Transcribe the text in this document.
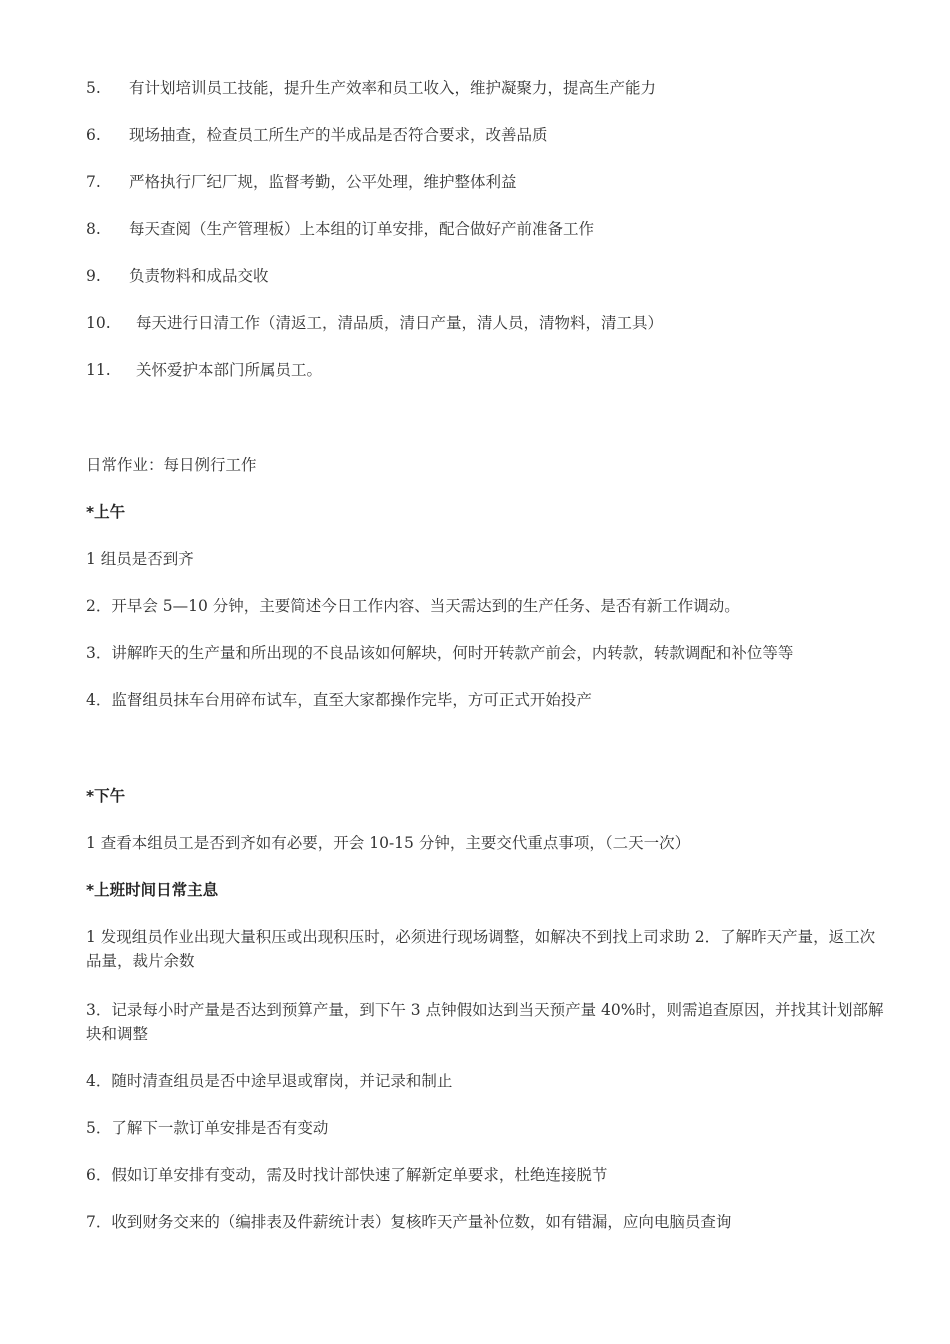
5. 有计划培训员工技能，提升生产效率和员工收入，维护凝聚力，提高生产能力
6. 现场抽查，检查员工所生产的半成品是否符合要求，改善品质
7. 严格执行厂纪厂规，监督考勤，公平处理，维护整体利益
8. 每天查阅（生产管理板）上本组的订单安排，配合做好产前准备工作
9. 负责物料和成品交收
10. 每天进行日清工作（清返工，清品质，清日产量，清人员，清物料，清工具）
11. 关怀爱护本部门所属员工。
日常作业：每日例行工作
*上午
1 组员是否到齐
2．开早会 5—10 分钟，主要简述今日工作内容、当天需达到的生产任务、是否有新工作调动。
3．讲解昨天的生产量和所出现的不良品该如何解块，何时开转款产前会，内转款，转款调配和补位等等
4．监督组员抹车台用碎布试车，直至大家都操作完毕，方可正式开始投产
*下午
1 查看本组员工是否到齐如有必要，开会 10-15 分钟，主要交代重点事项，（二天一次）
*上班时间日常主息
1 发现组员作业出现大量积压或出现积压时，必须进行现场调整，如解决不到找上司求助 2．了解昨天产量，返工次品量，裁片余数
3．记录每小时产量是否达到预算产量，到下午 3 点钟假如达到当天预产量 40%时，则需追查原因，并找其计划部解块和调整
4．随时清查组员是否中途早退或窜岗，并记录和制止
5．了解下一款订单安排是否有变动
6．假如订单安排有变动，需及时找计部快速了解新定单要求，杜绝连接脱节
7．收到财务交来的（编排表及件薪统计表）复核昨天产量补位数，如有错漏，应向电脑员查询
